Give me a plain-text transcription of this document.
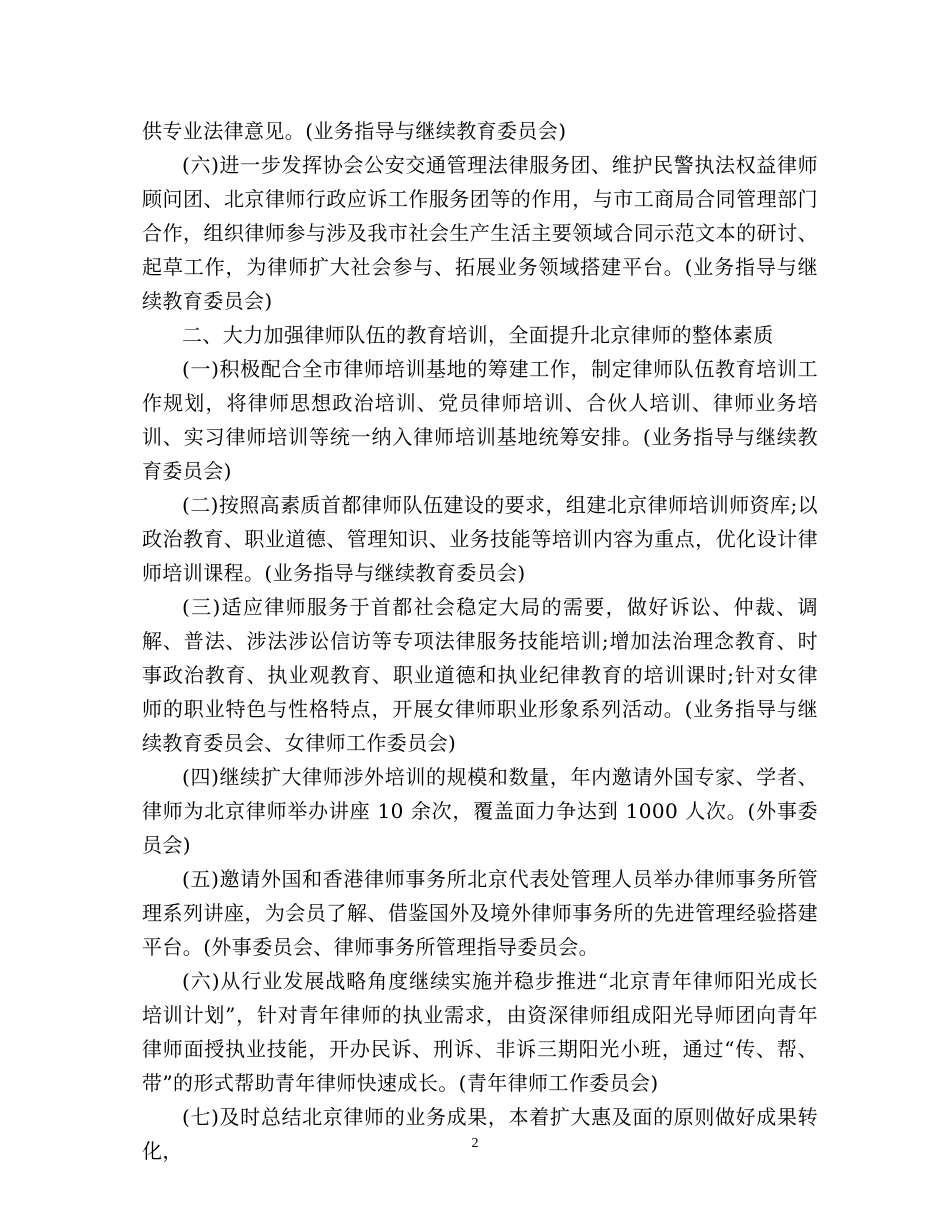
供专业法律意见。(业务指导与继续教育委员会)

(六)进一步发挥协会公安交通管理法律服务团、维护民警执法权益律师顾问团、北京律师行政应诉工作服务团等的作用，与市工商局合同管理部门合作，组织律师参与涉及我市社会生产生活主要领域合同示范文本的研讨、起草工作，为律师扩大社会参与、拓展业务领域搭建平台。(业务指导与继续教育委员会)

二、大力加强律师队伍的教育培训，全面提升北京律师的整体素质

(一)积极配合全市律师培训基地的筹建工作，制定律师队伍教育培训工作规划，将律师思想政治培训、党员律师培训、合伙人培训、律师业务培训、实习律师培训等统一纳入律师培训基地统筹安排。(业务指导与继续教育委员会)

(二)按照高素质首都律师队伍建设的要求，组建北京律师培训师资库;以政治教育、职业道德、管理知识、业务技能等培训内容为重点，优化设计律师培训课程。(业务指导与继续教育委员会)

(三)适应律师服务于首都社会稳定大局的需要，做好诉讼、仲裁、调解、普法、涉法涉讼信访等专项法律服务技能培训;增加法治理念教育、时事政治教育、执业观教育、职业道德和执业纪律教育的培训课时;针对女律师的职业特色与性格特点，开展女律师职业形象系列活动。(业务指导与继续教育委员会、女律师工作委员会)

(四)继续扩大律师涉外培训的规模和数量，年内邀请外国专家、学者、律师为北京律师举办讲座 10 余次，覆盖面力争达到 1000 人次。(外事委员会)

(五)邀请外国和香港律师事务所北京代表处管理人员举办律师事务所管理系列讲座，为会员了解、借鉴国外及境外律师事务所的先进管理经验搭建平台。(外事委员会、律师事务所管理指导委员会。

(六)从行业发展战略角度继续实施并稳步推进“北京青年律师阳光成长培训计划”，针对青年律师的执业需求，由资深律师组成阳光导师团向青年律师面授执业技能，开办民诉、刑诉、非诉三期阳光小班，通过“传、帮、带”的形式帮助青年律师快速成长。(青年律师工作委员会)

(七)及时总结北京律师的业务成果，本着扩大惠及面的原则做好成果转化，	2
